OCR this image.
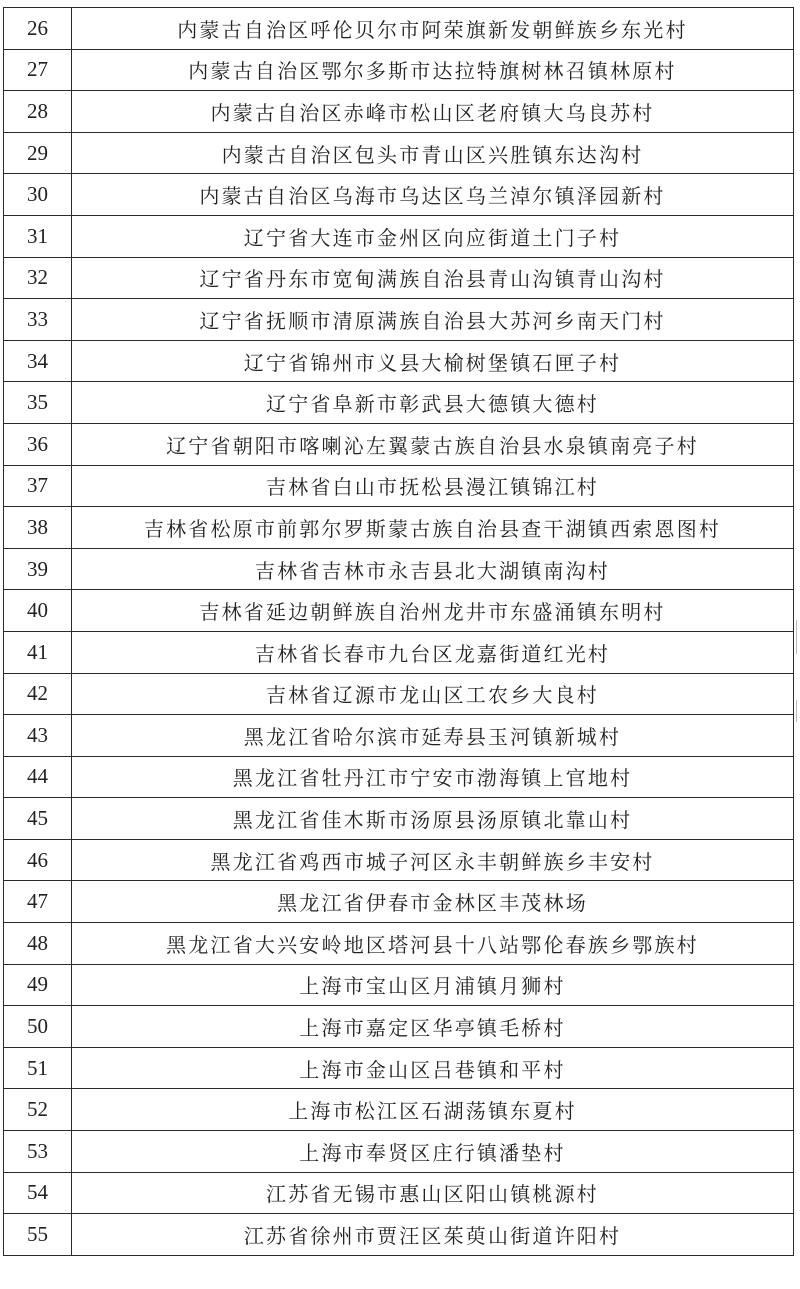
26	内蒙古自治区呼伦贝尔市阿荣旗新发朝鲜族乡东光村
27	内蒙古自治区鄂尔多斯市达拉特旗树林召镇林原村
28	内蒙古自治区赤峰市松山区老府镇大乌良苏村
29	内蒙古自治区包头市青山区兴胜镇东达沟村
30	内蒙古自治区乌海市乌达区乌兰淖尔镇泽园新村
31	辽宁省大连市金州区向应街道土门子村
32	辽宁省丹东市宽甸满族自治县青山沟镇青山沟村
33	辽宁省抚顺市清原满族自治县大苏河乡南天门村
34	辽宁省锦州市义县大榆树堡镇石匣子村
35	辽宁省阜新市彰武县大德镇大德村
36	辽宁省朝阳市喀喇沁左翼蒙古族自治县水泉镇南亮子村
37	吉林省白山市抚松县漫江镇锦江村
38	吉林省松原市前郭尔罗斯蒙古族自治县查干湖镇西索恩图村
39	吉林省吉林市永吉县北大湖镇南沟村
40	吉林省延边朝鲜族自治州龙井市东盛涌镇东明村
41	吉林省长春市九台区龙嘉街道红光村
42	吉林省辽源市龙山区工农乡大良村
43	黑龙江省哈尔滨市延寿县玉河镇新城村
44	黑龙江省牡丹江市宁安市渤海镇上官地村
45	黑龙江省佳木斯市汤原县汤原镇北靠山村
46	黑龙江省鸡西市城子河区永丰朝鲜族乡丰安村
47	黑龙江省伊春市金林区丰茂林场
48	黑龙江省大兴安岭地区塔河县十八站鄂伦春族乡鄂族村
49	上海市宝山区月浦镇月狮村
50	上海市嘉定区华亭镇毛桥村
51	上海市金山区吕巷镇和平村
52	上海市松江区石湖荡镇东夏村
53	上海市奉贤区庄行镇潘垫村
54	江苏省无锡市惠山区阳山镇桃源村
55	江苏省徐州市贾汪区茱萸山街道许阳村
